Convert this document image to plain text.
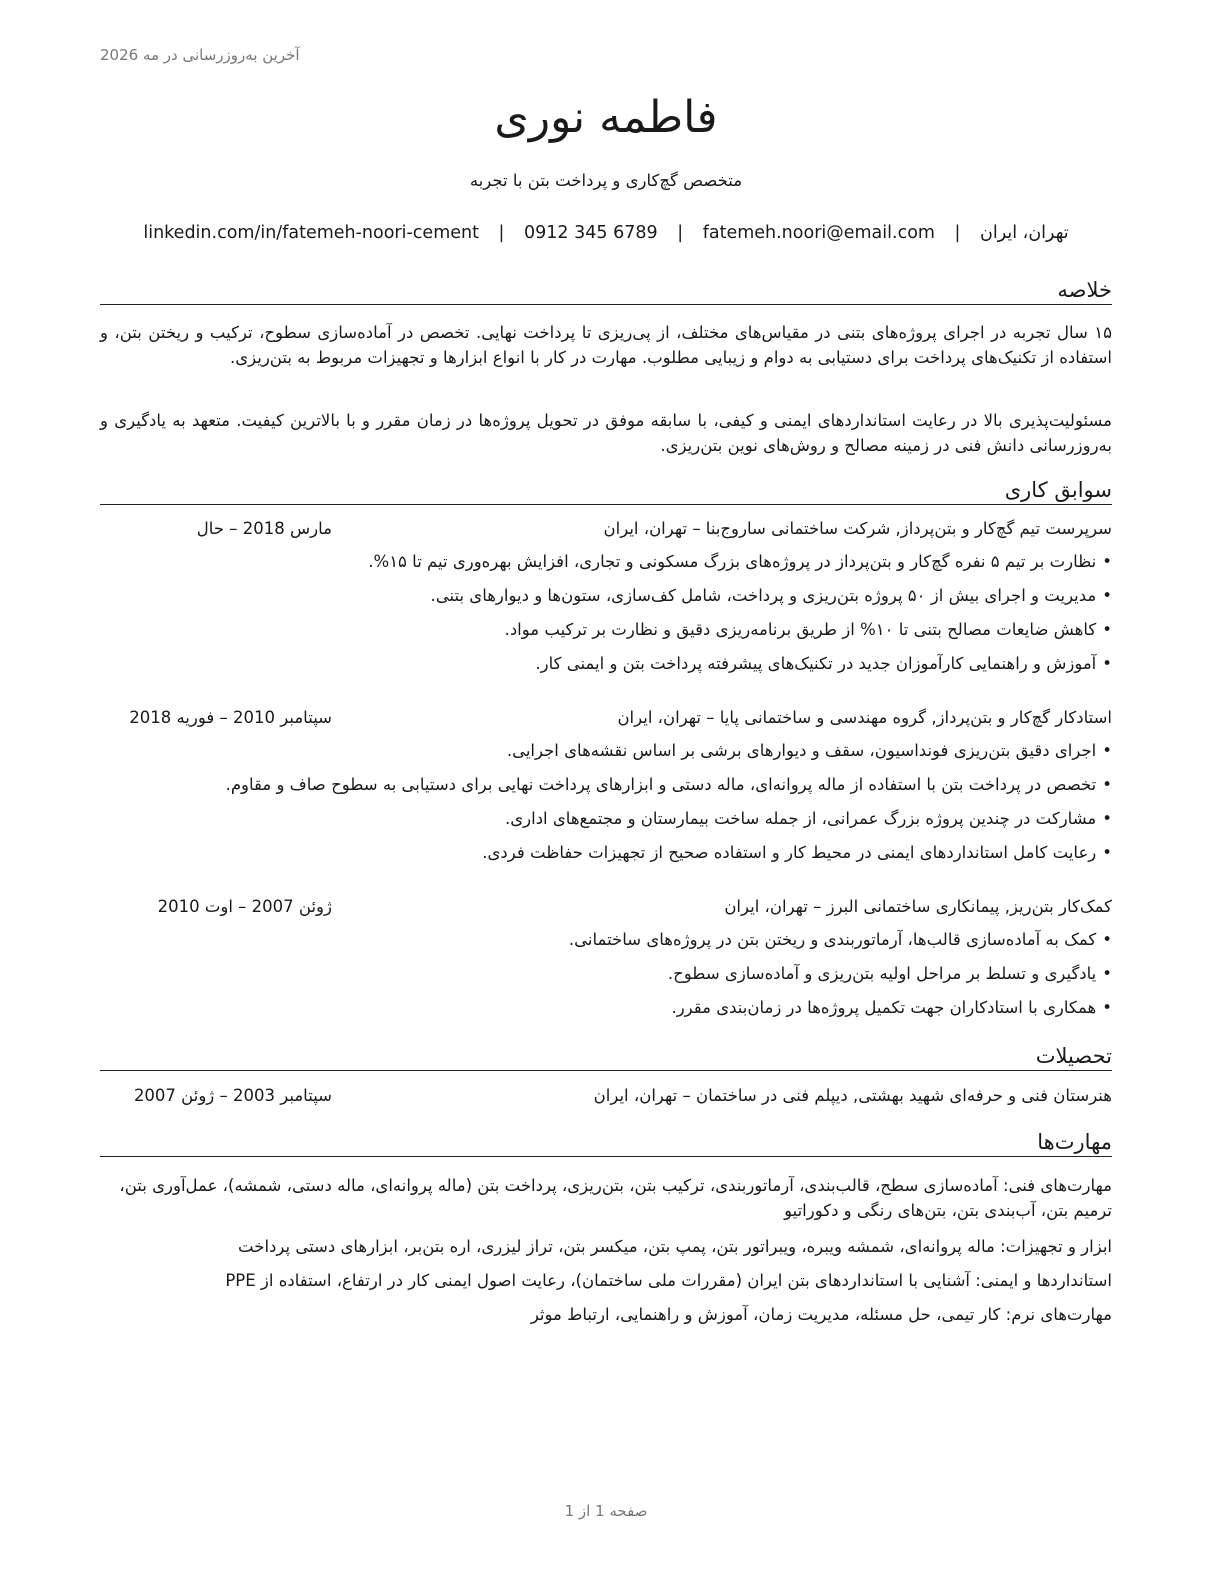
آخرین به‌روزرسانی در مه 2026
فاطمه نوری
متخصص گچ‌کاری و پرداخت بتن با تجربه
تهران، ایران | fatemeh.noori@email.com | 0912 345 6789 | linkedin.com/in/fatemeh-noori-cement
خلاصه
۱۵ سال تجربه در اجرای پروژه‌های بتنی در مقیاس‌های مختلف، از پی‌ریزی تا پرداخت نهایی. تخصص در آماده‌سازی سطوح، ترکیب و ریختن بتن، و استفاده از تکنیک‌های پرداخت برای دستیابی به دوام و زیبایی مطلوب. مهارت در کار با انواع ابزارها و تجهیزات مربوط به بتن‌ریزی.
مسئولیت‌پذیری بالا در رعایت استانداردهای ایمنی و کیفی، با سابقه موفق در تحویل پروژه‌ها در زمان مقرر و با بالاترین کیفیت. متعهد به یادگیری و به‌روزرسانی دانش فنی در زمینه مصالح و روش‌های نوین بتن‌ریزی.
سوابق کاری
سرپرست تیم گچ‌کار و بتن‌پرداز, شرکت ساختمانی ساروج‌بنا – تهران، ایران
مارس 2018 – حال
•نظارت بر تیم ۵ نفره گچ‌کار و بتن‌پرداز در پروژه‌های بزرگ مسکونی و تجاری، افزایش بهره‌وری تیم تا ۱۵%.
•مدیریت و اجرای بیش از ۵۰ پروژه بتن‌ریزی و پرداخت، شامل کف‌سازی، ستون‌ها و دیوارهای بتنی.
•کاهش ضایعات مصالح بتنی تا ۱۰% از طریق برنامه‌ریزی دقیق و نظارت بر ترکیب مواد.
•آموزش و راهنمایی کارآموزان جدید در تکنیک‌های پیشرفته پرداخت بتن و ایمنی کار.
استادکار گچ‌کار و بتن‌پرداز, گروه مهندسی و ساختمانی پایا – تهران، ایران
سپتامبر 2010 – فوریه 2018
•اجرای دقیق بتن‌ریزی فونداسیون، سقف و دیوارهای برشی بر اساس نقشه‌های اجرایی.
•تخصص در پرداخت بتن با استفاده از ماله پروانه‌ای، ماله دستی و ابزارهای پرداخت نهایی برای دستیابی به سطوح صاف و مقاوم.
•مشارکت در چندین پروژه بزرگ عمرانی، از جمله ساخت بیمارستان و مجتمع‌های اداری.
•رعایت کامل استانداردهای ایمنی در محیط کار و استفاده صحیح از تجهیزات حفاظت فردی.
کمک‌کار بتن‌ریز, پیمانکاری ساختمانی البرز – تهران، ایران
ژوئن 2007 – اوت 2010
•کمک به آماده‌سازی قالب‌ها، آرماتوربندی و ریختن بتن در پروژه‌های ساختمانی.
•یادگیری و تسلط بر مراحل اولیه بتن‌ریزی و آماده‌سازی سطوح.
•همکاری با استادکاران جهت تکمیل پروژه‌ها در زمان‌بندی مقرر.
تحصیلات
هنرستان فنی و حرفه‌ای شهید بهشتی, دیپلم فنی در ساختمان – تهران، ایران
سپتامبر 2003 – ژوئن 2007
مهارت‌ها
مهارت‌های فنی: آماده‌سازی سطح، قالب‌بندی، آرماتوربندی، ترکیب بتن، بتن‌ریزی، پرداخت بتن (ماله پروانه‌ای، ماله دستی، شمشه)، عمل‌آوری بتن، ترمیم بتن، آب‌بندی بتن، بتن‌های رنگی و دکوراتیو
ابزار و تجهیزات: ماله پروانه‌ای، شمشه ویبره، ویبراتور بتن، پمپ بتن، میکسر بتن، تراز لیزری، اره بتن‌بر، ابزارهای دستی پرداخت
استانداردها و ایمنی: آشنایی با استانداردهای بتن ایران (مقررات ملی ساختمان)، رعایت اصول ایمنی کار در ارتفاع، استفاده از PPE
مهارت‌های نرم: کار تیمی، حل مسئله، مدیریت زمان، آموزش و راهنمایی، ارتباط موثر
صفحه 1 از 1
